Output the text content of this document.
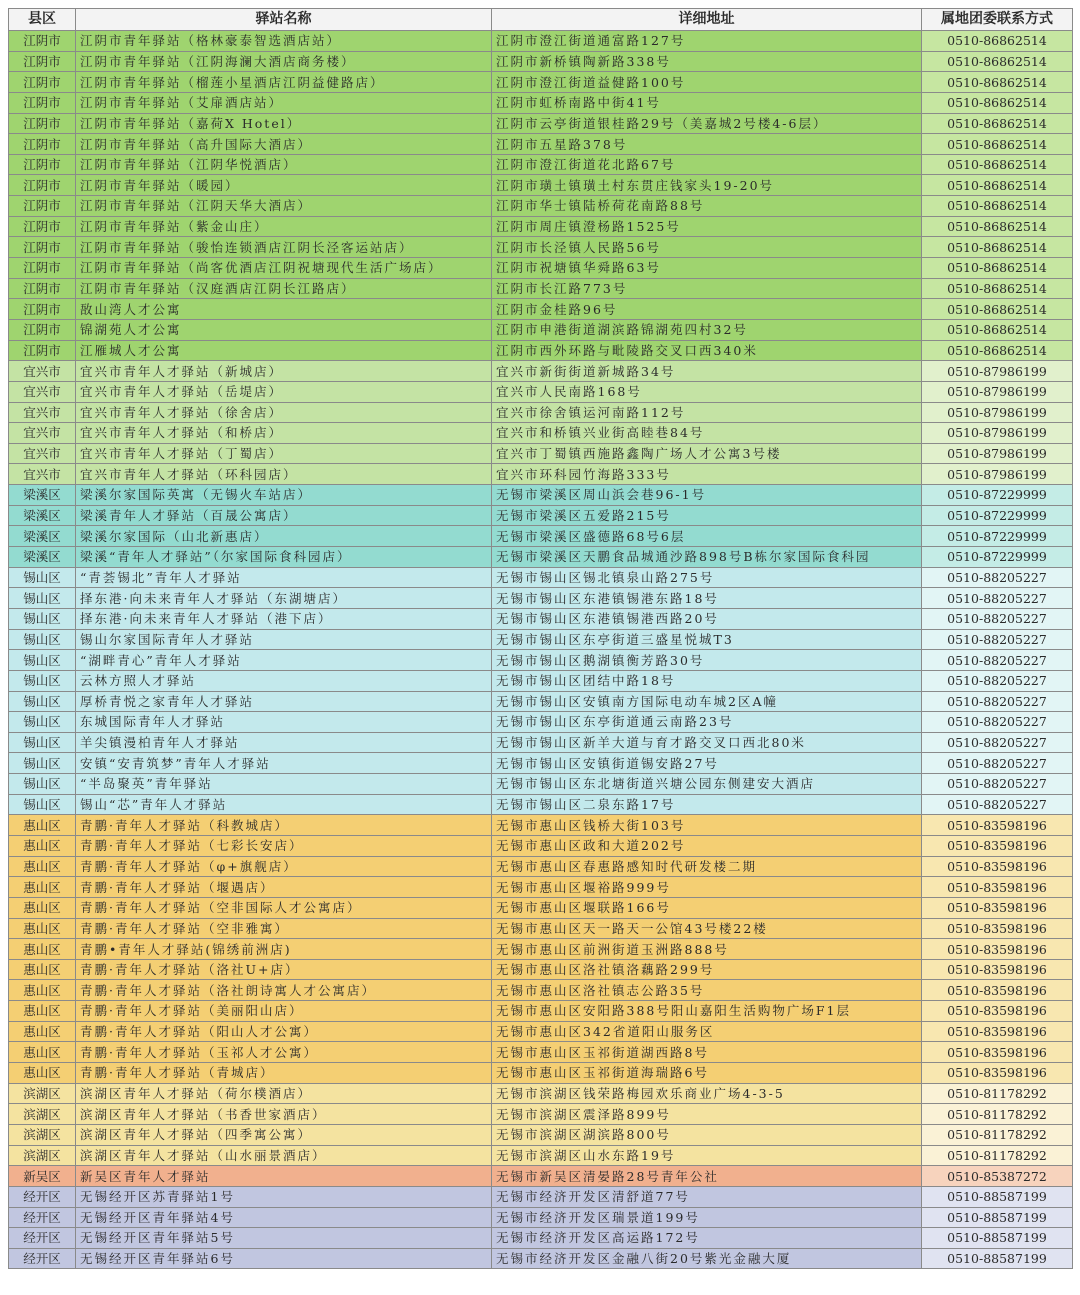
县区	驿站名称	详细地址	属地团委联系方式
江阴市	江阴市青年驿站（格林豪泰智选酒店站）	江阴市澄江街道通富路127号	0510-86862514
江阴市	江阴市青年驿站（江阴海澜大酒店商务楼）	江阴市新桥镇陶新路338号	0510-86862514
江阴市	江阴市青年驿站（榴莲小星酒店江阴益健路店）	江阴市澄江街道益健路100号	0510-86862514
江阴市	江阴市青年驿站（艾扉酒店站）	江阴市虹桥南路中街41号	0510-86862514
江阴市	江阴市青年驿站（嘉荷X Hotel）	江阴市云亭街道银桂路29号（美嘉城2号楼4-6层）	0510-86862514
江阴市	江阴市青年驿站（高升国际大酒店）	江阴市五星路378号	0510-86862514
江阴市	江阴市青年驿站（江阴华悦酒店）	江阴市澄江街道花北路67号	0510-86862514
江阴市	江阴市青年驿站（暖园）	江阴市璜土镇璜土村东贯庄钱家头19-20号	0510-86862514
江阴市	江阴市青年驿站（江阴天华大酒店）	江阴市华士镇陆桥荷花南路88号	0510-86862514
江阴市	江阴市青年驿站（紫金山庄）	江阴市周庄镇澄杨路1525号	0510-86862514
江阴市	江阴市青年驿站（骏怡连锁酒店江阴长泾客运站店）	江阴市长泾镇人民路56号	0510-86862514
江阴市	江阴市青年驿站（尚客优酒店江阴祝塘现代生活广场店）	江阴市祝塘镇华舜路63号	0510-86862514
江阴市	江阴市青年驿站（汉庭酒店江阴长江路店）	江阴市长江路773号	0510-86862514
江阴市	敔山湾人才公寓	江阴市金桂路96号	0510-86862514
江阴市	锦湖苑人才公寓	江阴市申港街道湖滨路锦湖苑四村32号	0510-86862514
江阴市	江雁城人才公寓	江阴市西外环路与毗陵路交叉口西340米	0510-86862514
宜兴市	宜兴市青年人才驿站（新城店）	宜兴市新街街道新城路34号	0510-87986199
宜兴市	宜兴市青年人才驿站（岳堤店）	宜兴市人民南路168号	0510-87986199
宜兴市	宜兴市青年人才驿站（徐舍店）	宜兴市徐舍镇运河南路112号	0510-87986199
宜兴市	宜兴市青年人才驿站（和桥店）	宜兴市和桥镇兴业街高睦巷84号	0510-87986199
宜兴市	宜兴市青年人才驿站（丁蜀店）	宜兴市丁蜀镇西施路鑫陶广场人才公寓3号楼	0510-87986199
宜兴市	宜兴市青年人才驿站（环科园店）	宜兴市环科园竹海路333号	0510-87986199
梁溪区	梁溪尔家国际英寓（无锡火车站店）	无锡市梁溪区周山浜会巷96-1号	0510-87229999
梁溪区	梁溪青年人才驿站（百晟公寓店）	无锡市梁溪区五爱路215号	0510-87229999
梁溪区	梁溪尔家国际（山北新惠店）	无锡市梁溪区盛德路68号6层	0510-87229999
梁溪区	梁溪“青年人才驿站”（尔家国际食科园店）	无锡市梁溪区天鹏食品城通沙路898号B栋尔家国际食科园	0510-87229999
锡山区	“青荟锡北”青年人才驿站	无锡市锡山区锡北镇泉山路275号	0510-88205227
锡山区	择东港·向未来青年人才驿站（东湖塘店）	无锡市锡山区东港镇锡港东路18号	0510-88205227
锡山区	择东港·向未来青年人才驿站（港下店）	无锡市锡山区东港镇锡港西路20号	0510-88205227
锡山区	锡山尔家国际青年人才驿站	无锡市锡山区东亭街道三盛星悦城T3	0510-88205227
锡山区	“湖畔青心”青年人才驿站	无锡市锡山区鹅湖镇衡芳路30号	0510-88205227
锡山区	云林方照人才驿站	无锡市锡山区团结中路18号	0510-88205227
锡山区	厚桥青悦之家青年人才驿站	无锡市锡山区安镇南方国际电动车城2区A幢	0510-88205227
锡山区	东城国际青年人才驿站	无锡市锡山区东亭街道通云南路23号	0510-88205227
锡山区	羊尖镇漫柏青年人才驿站	无锡市锡山区新羊大道与育才路交叉口西北80米	0510-88205227
锡山区	安镇“安青筑梦”青年人才驿站	无锡市锡山区安镇街道锡安路27号	0510-88205227
锡山区	“半岛聚英”青年驿站	无锡市锡山区东北塘街道兴塘公园东侧建安大酒店	0510-88205227
锡山区	锡山“芯”青年人才驿站	无锡市锡山区二泉东路17号	0510-88205227
惠山区	青鹏·青年人才驿站（科教城店）	无锡市惠山区钱桥大街103号	0510-83598196
惠山区	青鹏·青年人才驿站（七彩长安店）	无锡市惠山区政和大道202号	0510-83598196
惠山区	青鹏·青年人才驿站（φ+旗舰店）	无锡市惠山区春惠路感知时代研发楼二期	0510-83598196
惠山区	青鹏·青年人才驿站（堰遇店）	无锡市惠山区堰裕路999号	0510-83598196
惠山区	青鹏·青年人才驿站（空非国际人才公寓店）	无锡市惠山区堰联路166号	0510-83598196
惠山区	青鹏·青年人才驿站（空非雅寓）	无锡市惠山区天一路天一公馆43号楼22楼	0510-83598196
惠山区	青鹏•青年人才驿站(锦绣前洲店)	无锡市惠山区前洲街道玉洲路888号	0510-83598196
惠山区	青鹏·青年人才驿站（洛社U+店）	无锡市惠山区洛社镇洛藕路299号	0510-83598196
惠山区	青鹏·青年人才驿站（洛社朗诗寓人才公寓店）	无锡市惠山区洛社镇志公路35号	0510-83598196
惠山区	青鹏·青年人才驿站（美丽阳山店）	无锡市惠山区安阳路388号阳山嘉阳生活购物广场F1层	0510-83598196
惠山区	青鹏·青年人才驿站（阳山人才公寓）	无锡市惠山区342省道阳山服务区	0510-83598196
惠山区	青鹏·青年人才驿站（玉祁人才公寓）	无锡市惠山区玉祁街道湖西路8号	0510-83598196
惠山区	青鹏·青年人才驿站（青城店）	无锡市惠山区玉祁街道海瑞路6号	0510-83598196
滨湖区	滨湖区青年人才驿站（荷尔樸酒店）	无锡市滨湖区钱荣路梅园欢乐商业广场4-3-5	0510-81178292
滨湖区	滨湖区青年人才驿站（书香世家酒店）	无锡市滨湖区震泽路899号	0510-81178292
滨湖区	滨湖区青年人才驿站（四季寓公寓）	无锡市滨湖区湖滨路800号	0510-81178292
滨湖区	滨湖区青年人才驿站（山水丽景酒店）	无锡市滨湖区山水东路19号	0510-81178292
新吴区	新吴区青年人才驿站	无锡市新吴区清晏路28号青年公社	0510-85387272
经开区	无锡经开区苏青驿站1号	无锡市经济开发区清舒道77号	0510-88587199
经开区	无锡经开区青年驿站4号	无锡市经济开发区瑞景道199号	0510-88587199
经开区	无锡经开区青年驿站5号	无锡市经济开发区高运路172号	0510-88587199
经开区	无锡经开区青年驿站6号	无锡市经济开发区金融八街20号紫光金融大厦	0510-88587199
